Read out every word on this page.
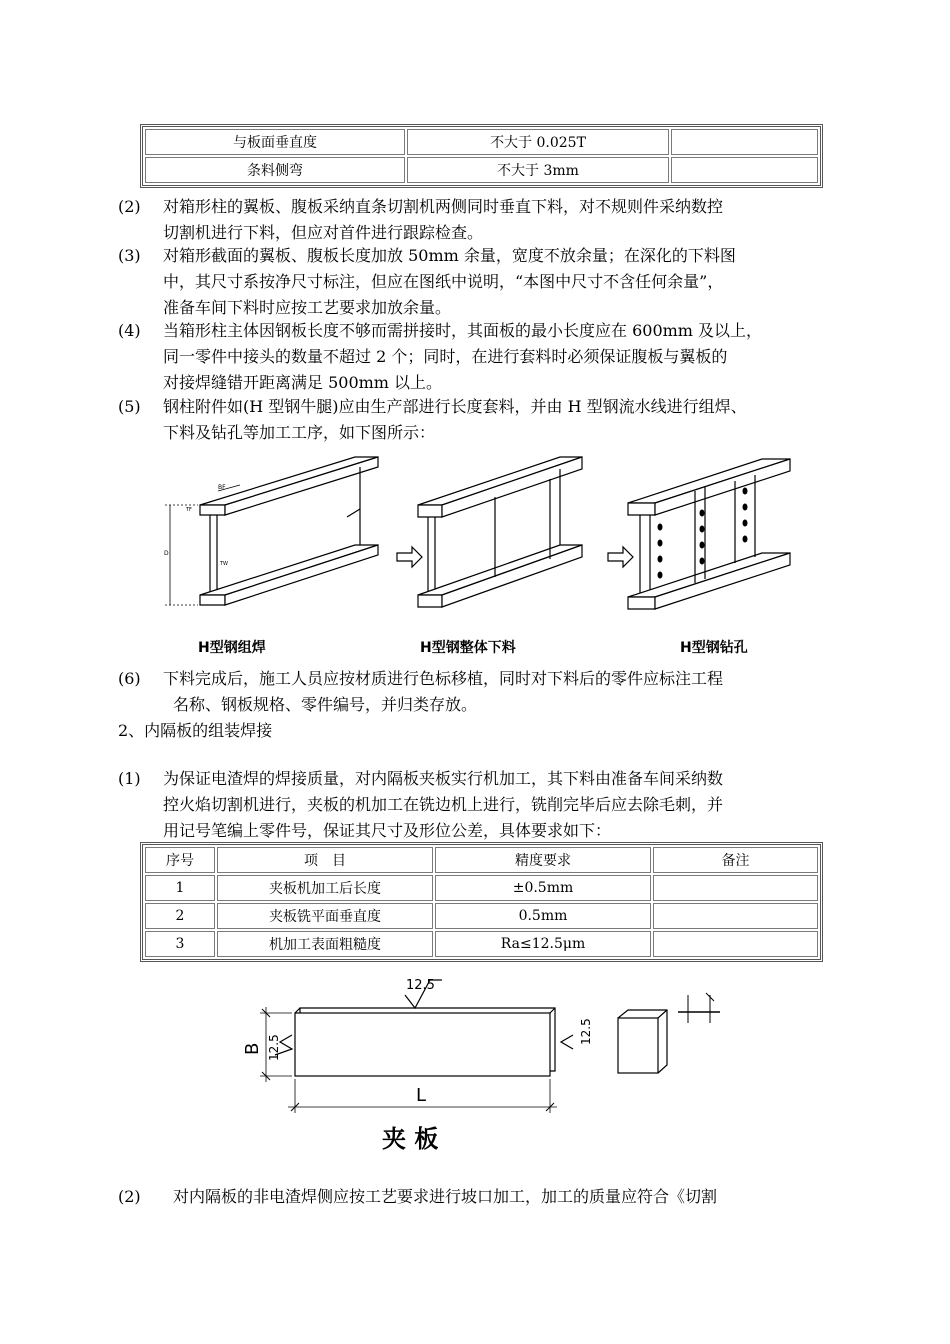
与板面垂直度	不大于 0.025T	
条料侧弯	不大于 3mm	
(2) 对箱形柱的翼板、腹板采纳直条切割机两侧同时垂直下料，对不规则件采纳数控
切割机进行下料，但应对首件进行跟踪检查。
(3) 对箱形截面的翼板、腹板长度加放 50mm 余量，宽度不放余量；在深化的下料图
中，其尺寸系按净尺寸标注，但应在图纸中说明，“本图中尺寸不含任何余量”，
准备车间下料时应按工艺要求加放余量。
(4) 当箱形柱主体因钢板长度不够而需拼接时，其面板的最小长度应在 600mm 及以上，
同一零件中接头的数量不超过 2 个；同时，在进行套料时必须保证腹板与翼板的
对接焊缝错开距离满足 500mm 以上。
(5) 钢柱附件如(H 型钢牛腿)应由生产部进行长度套料，并由 H 型钢流水线进行组焊、
下料及钻孔等加工工序，如下图所示：
BF
D
TF
TW
H型钢组焊	H型钢整体下料	H型钢钻孔
(6) 下料完成后，施工人员应按材质进行色标移植，同时对下料后的零件应标注工程
名称、钢板规格、零件编号，并归类存放。
2、内隔板的组装焊接
(1) 为保证电渣焊的焊接质量，对内隔板夹板实行机加工，其下料由准备车间采纳数
控火焰切割机进行，夹板的机加工在铣边机上进行，铣削完毕后应去除毛刺，并
用记号笔编上零件号，保证其尺寸及形位公差，具体要求如下：
序号	项　目	精度要求	备注
1	夹板机加工后长度	±0.5mm	
2	夹板铣平面垂直度	0.5mm	
3	机加工表面粗糙度	Ra≤12.5μm	
12.5
12.5
12.5
B
L
夹 板
(2)	对内隔板的非电渣焊侧应按工艺要求进行坡口加工，加工的质量应符合《切割
